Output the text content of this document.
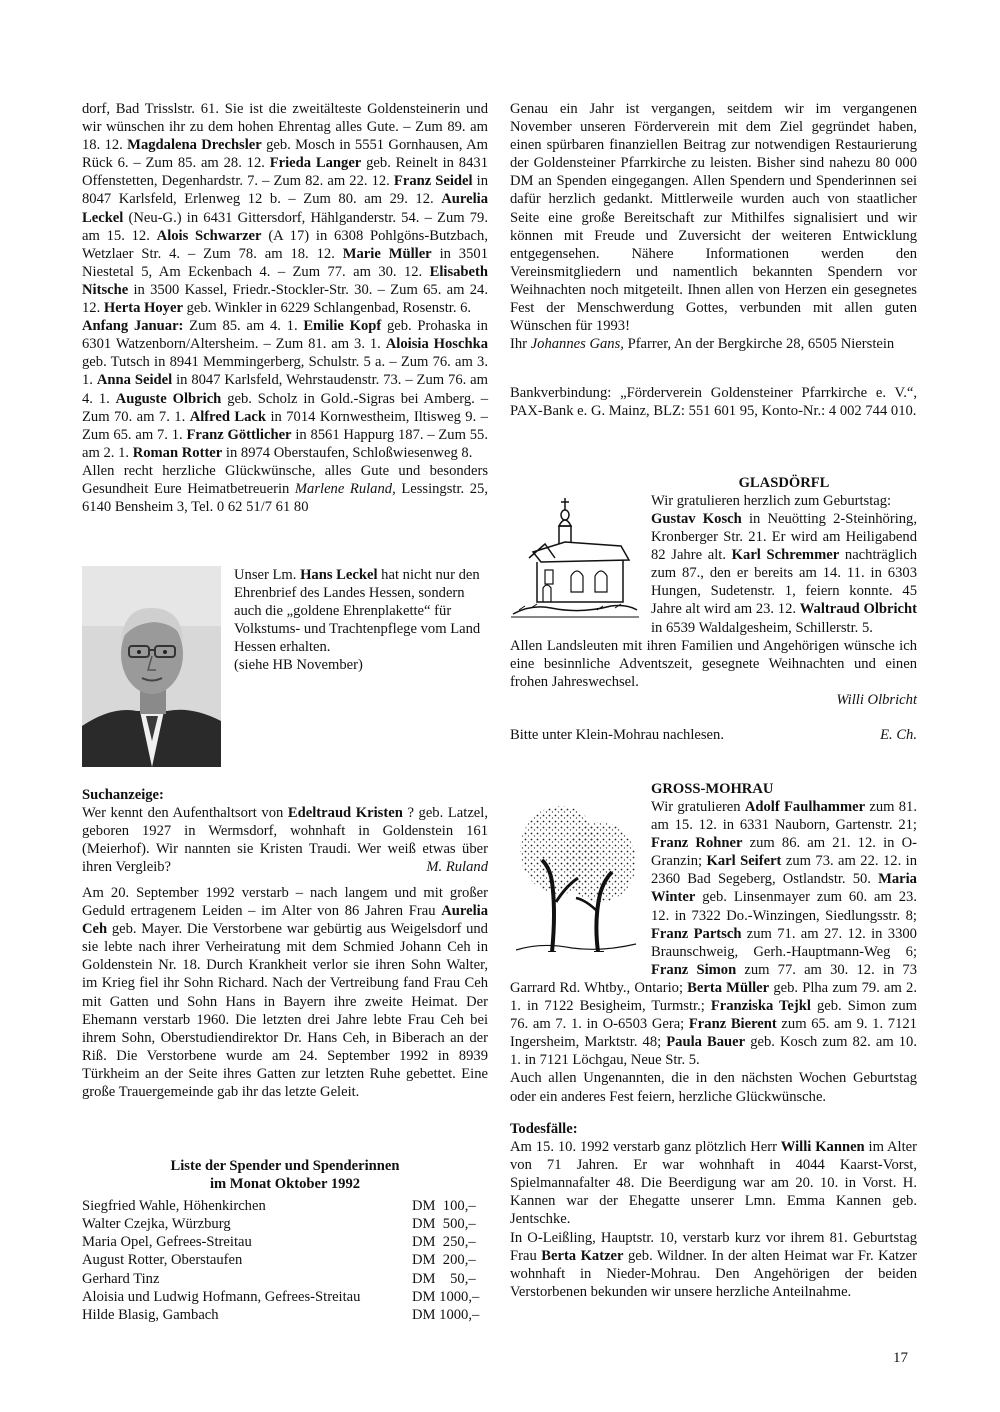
dorf, Bad Trisslstr. 61. Sie ist die zweitälteste Goldensteinerin und wir wünschen ihr zu dem hohen Ehrentag alles Gute. – Zum 89. am 18. 12. Magdalena Drechsler geb. Mosch in 5551 Gornhausen, Am Rück 6. – Zum 85. am 28. 12. Frieda Langer geb. Reinelt in 8431 Offenstetten, Degenhardstr. 7. – Zum 82. am 22. 12. Franz Seidel in 8047 Karlsfeld, Erlenweg 12 b. – Zum 80. am 29. 12. Aurelia Leckel (Neu-G.) in 6431 Gittersdorf, Hählganderstr. 54. – Zum 79. am 15. 12. Alois Schwarzer (A 17) in 6308 Pohlgöns-Butzbach, Wetzlaer Str. 4. – Zum 78. am 18. 12. Marie Müller in 3501 Niestetal 5, Am Eckenbach 4. – Zum 77. am 30. 12. Elisabeth Nitsche in 3500 Kassel, Friedr.-Stockler-Str. 30. – Zum 65. am 24. 12. Herta Hoyer geb. Winkler in 6229 Schlangenbad, Rosenstr. 6.

Anfang Januar: Zum 85. am 4. 1. Emilie Kopf geb. Prohaska in 6301 Watzenborn/Altersheim. – Zum 81. am 3. 1. Aloisia Hoschka geb. Tutsch in 8941 Memmingerberg, Schulstr. 5 a. – Zum 76. am 3. 1. Anna Seidel in 8047 Karlsfeld, Wehrstaudenstr. 73. – Zum 76. am 4. 1. Auguste Olbrich geb. Scholz in Gold.-Sigras bei Amberg. – Zum 70. am 7. 1. Alfred Lack in 7014 Kornwestheim, Iltisweg 9. – Zum 65. am 7. 1. Franz Göttlicher in 8561 Happurg 187. – Zum 55. am 2. 1. Roman Rotter in 8974 Oberstaufen, Schloßwiesenweg 8.

Allen recht herzliche Glückwünsche, alles Gute und besonders Gesundheit Eure Heimatbetreuerin Marlene Ruland, Lessingstr. 25, 6140 Bensheim 3, Tel. 0 62 51/7 61 80

Unser Lm. Hans Leckel hat nicht nur den Ehrenbrief des Landes Hessen, sondern auch die „goldene Ehrenplakette“ für Volkstums- und Trachtenpflege vom Land Hessen erhalten.

(siehe HB November)

Suchanzeige:

Wer kennt den Aufenthaltsort von Edeltraud Kristen ? geb. Latzel, geboren 1927 in Wermsdorf, wohnhaft in Goldenstein 161 (Meierhof). Wir nannten sie Kristen Traudi. Wer weiß etwas über ihren Vergleib?	M. Ruland

Am 20. September 1992 verstarb – nach langem und mit großer Geduld ertragenem Leiden – im Alter von 86 Jahren Frau Aurelia Ceh geb. Mayer. Die Verstorbene war gebürtig aus Weigelsdorf und sie lebte nach ihrer Verheiratung mit dem Schmied Johann Ceh in Goldenstein Nr. 18. Durch Krankheit verlor sie ihren Sohn Walter, im Krieg fiel ihr Sohn Richard. Nach der Vertreibung fand Frau Ceh mit Gatten und Sohn Hans in Bayern ihre zweite Heimat. Der Ehemann verstarb 1960. Die letzten drei Jahre lebte Frau Ceh bei ihrem Sohn, Oberstudiendirektor Dr. Hans Ceh, in Biberach an der Riß. Die Verstorbene wurde am 24. September 1992 in 8939 Türkheim an der Seite ihres Gatten zur letzten Ruhe gebettet. Eine große Trauergemeinde gab ihr das letzte Geleit.

Liste der Spender und Spenderinnen

im Monat Oktober 1992

Siegfried Wahle, Höhenkirchen	DM  100,–
Walter Czejka, Würzburg	DM  500,–
Maria Opel, Gefrees-Streitau	DM  250,–
August Rotter, Oberstaufen	DM  200,–
Gerhard Tinz	DM    50,–
Aloisia und Ludwig Hofmann, Gefrees-Streitau	DM 1000,–
Hilde Blasig, Gambach	DM 1000,–

Genau ein Jahr ist vergangen, seitdem wir im vergangenen November unseren Förderverein mit dem Ziel gegründet haben, einen spürbaren finanziellen Beitrag zur notwendigen Restaurierung der Goldensteiner Pfarrkirche zu leisten. Bisher sind nahezu 80 000 DM an Spenden eingegangen. Allen Spendern und Spenderinnen sei dafür herzlich gedankt. Mittlerweile wurden auch von staatlicher Seite eine große Bereitschaft zur Mithilfes signalisiert und wir können mit Freude und Zuversicht der weiteren Entwicklung entgegensehen. Nähere Informationen werden den Vereinsmitgliedern und namentlich bekannten Spendern vor Weihnachten noch mitgeteilt. Ihnen allen von Herzen ein gesegnetes Fest der Menschwerdung Gottes, verbunden mit allen guten Wünschen für 1993!

Ihr Johannes Gans, Pfarrer, An der Bergkirche 28, 6505 Nierstein

Bankverbindung: „Förderverein Goldensteiner Pfarrkirche e. V.“, PAX-Bank e. G. Mainz, BLZ: 551 601 95, Konto-Nr.: 4 002 744 010.

GLASDÖRFL

Wir gratulieren herzlich zum Geburtstag:

Gustav Kosch in Neuötting 2-Steinhöring, Kronberger Str. 21. Er wird am Heiligabend 82 Jahre alt. Karl Schremmer nachträglich zum 87., den er bereits am 14. 11. in 6303 Hungen, Sudetenstr. 1, feiern konnte. 45 Jahre alt wird am 23. 12. Waltraud Olbricht in 6539 Waldalgesheim, Schillerstr. 5.

Allen Landsleuten mit ihren Familien und Angehörigen wünsche ich eine besinnliche Adventszeit, gesegnete Weihnachten und einen frohen Jahreswechsel.

Willi Olbricht

Bitte unter Klein-Mohrau nachlesen.	E. Ch.

GROSS-MOHRAU

Wir gratulieren Adolf Faulhammer zum 81. am 15. 12. in 6331 Nauborn, Gartenstr. 21; Franz Rohner zum 86. am 21. 12. in O-Granzin; Karl Seifert zum 73. am 22. 12. in 2360 Bad Segeberg, Ostlandstr. 50. Maria Winter geb. Linsenmayer zum 60. am 23. 12. in 7322 Do.-Winzingen, Siedlungsstr. 8; Franz Partsch zum 71. am 27. 12. in 3300 Braunschweig, Gerh.-Hauptmann-Weg 6; Franz Simon zum 77. am 30. 12. in 73 Garrard Rd. Whtby., Ontario; Berta Müller geb. Plha zum 79. am 2. 1. in 7122 Besigheim, Turmstr.; Franziska Tejkl geb. Simon zum 76. am 7. 1. in O-6503 Gera; Franz Bierent zum 65. am 9. 1. 7121 Ingersheim, Marktstr. 48; Paula Bauer geb. Kosch zum 82. am 10. 1. in 7121 Löchgau, Neue Str. 5.

Auch allen Ungenannten, die in den nächsten Wochen Geburtstag oder ein anderes Fest feiern, herzliche Glückwünsche.

Todesfälle:

Am 15. 10. 1992 verstarb ganz plötzlich Herr Willi Kannen im Alter von 71 Jahren. Er war wohnhaft in 4044 Kaarst-Vorst, Spielmannafalter 48. Die Beerdigung war am 20. 10. in Vorst. H. Kannen war der Ehegatte unserer Lmn. Emma Kannen geb. Jentschke.

In O-Leißling, Hauptstr. 10, verstarb kurz vor ihrem 81. Geburtstag Frau Berta Katzer geb. Wildner. In der alten Heimat war Fr. Katzer wohnhaft in Nieder-Mohrau. Den Angehörigen der beiden Verstorbenen bekunden wir unsere herzliche Anteilnahme.

17
